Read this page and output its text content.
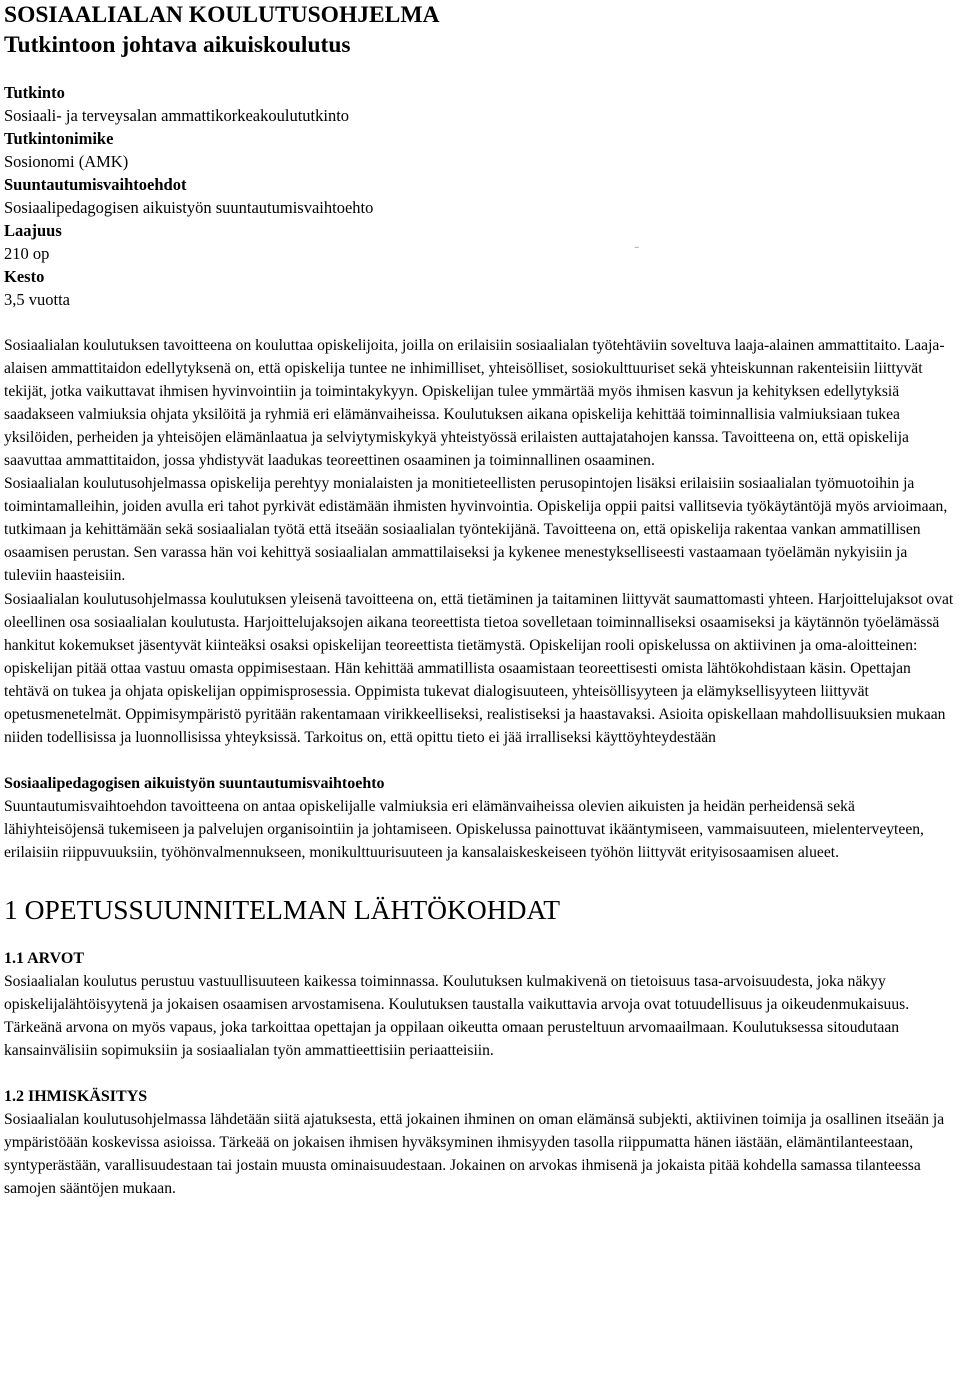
SOSIAALIALAN KOULUTUSOHJELMA
Tutkintoon johtava aikuiskoulutus
Tutkinto
Sosiaali- ja terveysalan ammattikorkeakoulututkinto
Tutkintonimike
Sosionomi (AMK)
Suuntautumisvaihtoehdot
Sosiaalipedagogisen aikuistyön suuntautumisvaihtoehto
Laajuus
210 op
Kesto
3,5 vuotta
-

Sosiaalialan koulutuksen tavoitteena on kouluttaa opiskelijoita, joilla on erilaisiin sosiaalialan työtehtäviin soveltuva laaja-alainen ammattitaito. Laaja-alaisen ammattitaidon edellytyksenä on, että opiskelija tuntee ne inhimilliset, yhteisölliset, sosiokulttuuriset sekä yhteiskunnan rakenteisiin liittyvät tekijät, jotka vaikuttavat ihmisen hyvinvointiin ja toimintakykyyn. Opiskelijan tulee ymmärtää myös ihmisen kasvun ja kehityksen edellytyksiä saadakseen valmiuksia ohjata yksilöitä ja ryhmiä eri elämänvaiheissa. Koulutuksen aikana opiskelija kehittää toiminnallisia valmiuksiaan tukea yksilöiden, perheiden ja yhteisöjen elämänlaatua ja selviytymiskykyä yhteistyössä erilaisten auttajatahojen kanssa. Tavoitteena on, että opiskelija saavuttaa ammattitaidon, jossa yhdistyvät laadukas teoreettinen osaaminen ja toiminnallinen osaaminen.

Sosiaalialan koulutusohjelmassa opiskelija perehtyy monialaisten ja monitieteellisten perusopintojen lisäksi erilaisiin sosiaalialan työmuotoihin ja toimintamalleihin, joiden avulla eri tahot pyrkivät edistämään ihmisten hyvinvointia. Opiskelija oppii paitsi vallitsevia työkäytäntöjä myös arvioimaan, tutkimaan ja kehittämään sekä sosiaalialan työtä että itseään sosiaalialan työntekijänä. Tavoitteena on, että opiskelija rakentaa vankan ammatillisen osaamisen perustan. Sen varassa hän voi kehittyä sosiaalialan ammattilaiseksi ja kykenee menestykselliseesti vastaamaan työelämän nykyisiin ja tuleviin haasteisiin.

Sosiaalialan koulutusohjelmassa koulutuksen yleisenä tavoitteena on, että tietäminen ja taitaminen liittyvät saumattomasti yhteen. Harjoittelujaksot ovat oleellinen osa sosiaalialan koulutusta. Harjoittelujaksojen aikana teoreettista tietoa sovelletaan toiminnalliseksi osaamiseksi ja käytännön työelämässä hankitut kokemukset jäsentyvät kiinteäksi osaksi opiskelijan teoreettista tietämystä. Opiskelijan rooli opiskelussa on aktiivinen ja oma-aloitteinen: opiskelijan pitää ottaa vastuu omasta oppimisestaan. Hän kehittää ammatillista osaamistaan teoreettisesti omista lähtökohdistaan käsin. Opettajan tehtävä on tukea ja ohjata opiskelijan oppimisprosessia. Oppimista tukevat dialogisuuteen, yhteisöllisyyteen ja elämyksellisyyteen liittyvät opetusmenetelmät. Oppimisympäristö pyritään rakentamaan virikkeelliseksi, realistiseksi ja haastavaksi. Asioita opiskellaan mahdollisuuksien mukaan niiden todellisissa ja luonnollisissa yhteyksissä. Tarkoitus on, että opittu tieto ei jää irralliseksi käyttöyhteydestään

Sosiaalipedagogisen aikuistyön suuntautumisvaihtoehto

Suuntautumisvaihtoehdon tavoitteena on antaa opiskelijalle valmiuksia eri elämänvaiheissa olevien aikuisten ja heidän perheidensä sekä lähiyhteisöjensä tukemiseen ja palvelujen organisointiin ja johtamiseen. Opiskelussa painottuvat ikääntymiseen, vammaisuuteen, mielenterveyteen, erilaisiin riippuvuuksiin, työhönvalmennukseen, monikulttuurisuuteen ja kansalaiskeskeiseen työhön liittyvät erityisosaamisen alueet.

1 OPETUSSUUNNITELMAN LÄHTÖKOHDAT
1.1 ARVOT

Sosiaalialan koulutus perustuu vastuullisuuteen kaikessa toiminnassa. Koulutuksen kulmakivenä on tietoisuus tasa-arvoisuudesta, joka näkyy opiskelijalähtöisyytenä ja jokaisen osaamisen arvostamisena. Koulutuksen taustalla vaikuttavia arvoja ovat totuudellisuus ja oikeudenmukaisuus. Tärkeänä arvona on myös vapaus, joka tarkoittaa opettajan ja oppilaan oikeutta omaan perusteltuun arvomaailmaan. Koulutuksessa sitoudutaan kansainvälisiin sopimuksiin ja sosiaalialan työn ammattieettisiin periaatteisiin.

1.2 IHMISKÄSITYS

Sosiaalialan koulutusohjelmassa lähdetään siitä ajatuksesta, että jokainen ihminen on oman elämänsä subjekti, aktiivinen toimija ja osallinen itseään ja ympäristöään koskevissa asioissa. Tärkeää on jokaisen ihmisen hyväksyminen ihmisyyden tasolla riippumatta hänen iästään, elämäntilanteestaan, syntyperästään, varallisuudestaan tai jostain muusta ominaisuudestaan. Jokainen on arvokas ihmisenä ja jokaista pitää kohdella samassa tilanteessa samojen sääntöjen mukaan.
